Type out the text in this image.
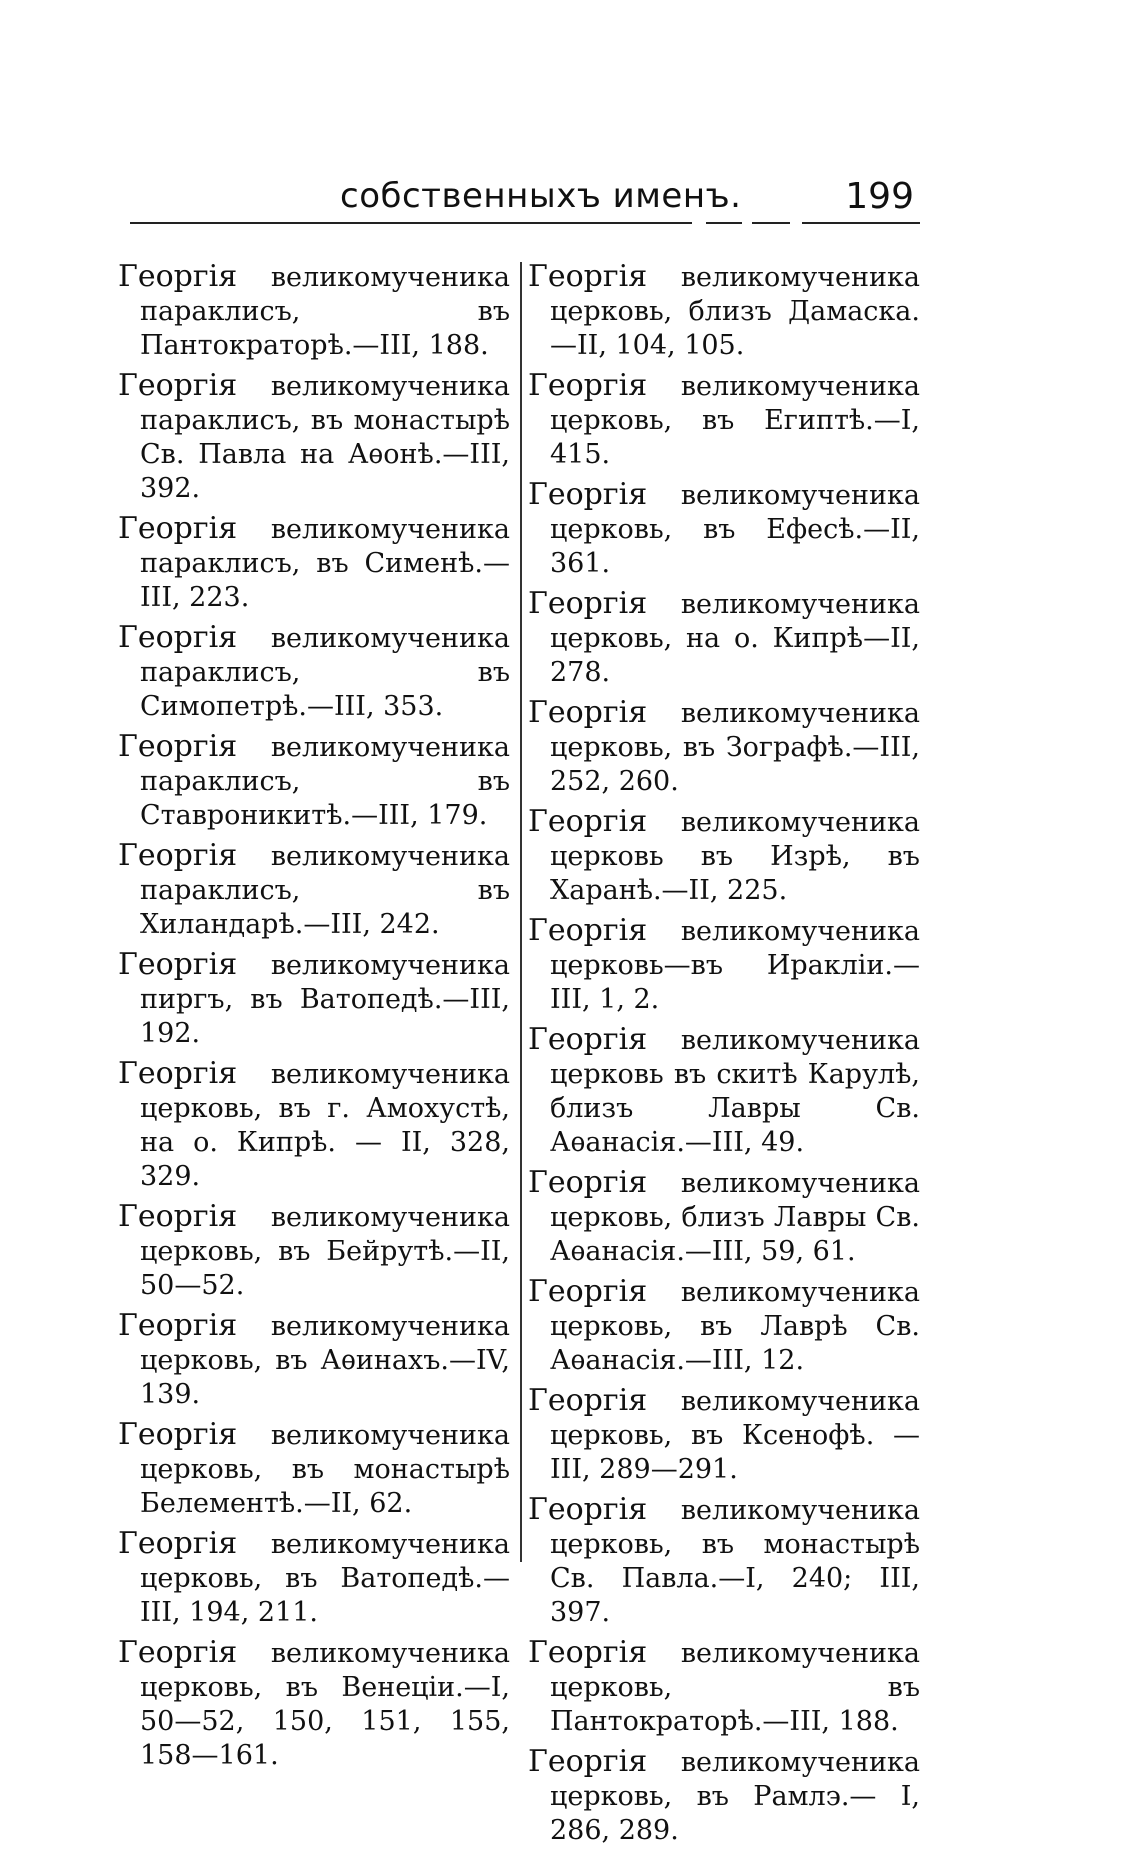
собственныхъ именъ.	199

Георгія великомученика параклисъ, въ Пантократорѣ.—III, 188.

Георгія великомученика параклисъ, въ монастырѣ Св. Павла на Аѳонѣ.—III, 392.

Георгія великомученика параклисъ, въ Сименѣ.—III, 223.

Георгія великомученика параклисъ, въ Симопетрѣ.—III, 353.

Георгія великомученика параклисъ, въ Ставроникитѣ.—III, 179.

Георгія великомученика параклисъ, въ Хиландарѣ.—III, 242.

Георгія великомученика пиргъ, въ Ватопедѣ.—III, 192.

Георгія великомученика церковь, въ г. Амохустѣ, на о. Кипрѣ. — II, 328, 329.

Георгія великомученика церковь, въ Бейрутѣ.—II, 50—52.

Георгія великомученика церковь, въ Аѳинахъ.—IV, 139.

Георгія великомученика церковь, въ монастырѣ Белементѣ.—II, 62.

Георгія великомученика церковь, въ Ватопедѣ.—III, 194, 211.

Георгія великомученика церковь, въ Венеціи.—I, 50—52, 150, 151, 155, 158—161.

Георгія великомученика церковь, близъ Дамаска.—II, 104, 105.

Георгія великомученика церковь, въ Египтѣ.—I, 415.

Георгія великомученика церковь, въ Ефесѣ.—II, 361.

Георгія великомученика церковь, на о. Кипрѣ—II, 278.

Георгія великомученика церковь, въ Зографѣ.—III, 252, 260.

Георгія великомученика церковь въ Изрѣ, въ Харанѣ.—II, 225.

Георгія великомученика церковь—въ Ираклiи.—III, 1, 2.

Георгія великомученика церковь въ скитѣ Карулѣ, близъ Лавры Св. Аѳанасія.—III, 49.

Георгія великомученика церковь, близъ Лавры Св. Аѳанасія.—III, 59, 61.

Георгія великомученика церковь, въ Лаврѣ Св. Аѳанасія.—III, 12.

Георгія великомученика церковь, въ Ксенофѣ. — III, 289—291.

Георгія великомученика церковь, въ монастырѣ Св. Павла.—I, 240; III, 397.

Георгія великомученика церковь, въ Пантократорѣ.—III, 188.

Георгія великомученика церковь, въ Рамлэ.— I, 286, 289.
